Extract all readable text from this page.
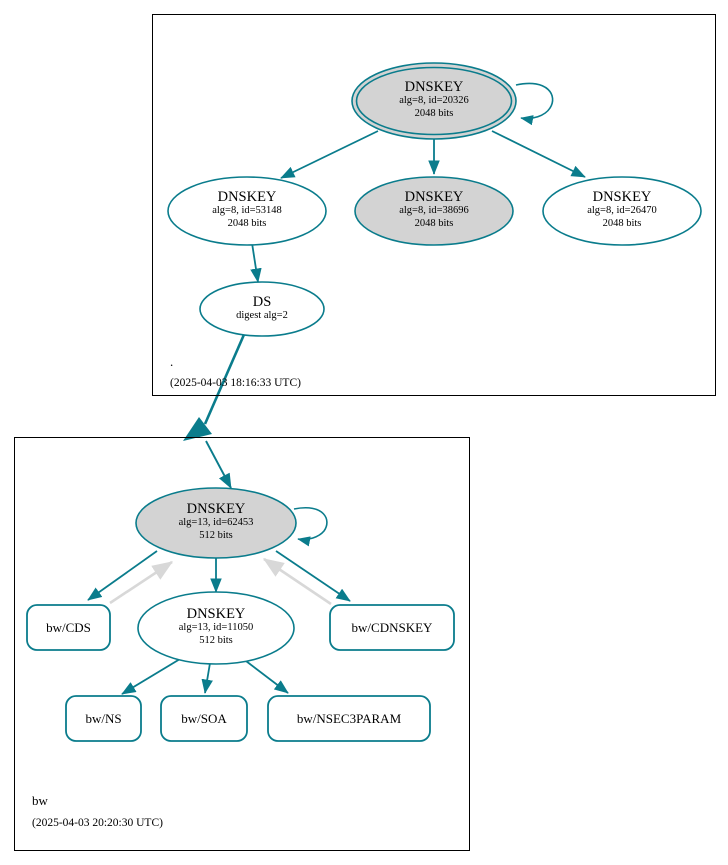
.
(2025-04-03 18:16:33 UTC)
bw
(2025-04-03 20:20:30 UTC)
DNSKEY
alg=8, id=20326
2048 bits
DNSKEY
alg=8, id=53148
2048 bits
DNSKEY
alg=8, id=38696
2048 bits
DNSKEY
alg=8, id=26470
2048 bits
DS
digest alg=2
DNSKEY
alg=13, id=62453
512 bits
DNSKEY
alg=13, id=11050
512 bits
bw/CDS	bw/CDNSKEY
bw/NS	bw/SOA	bw/NSEC3PARAM
